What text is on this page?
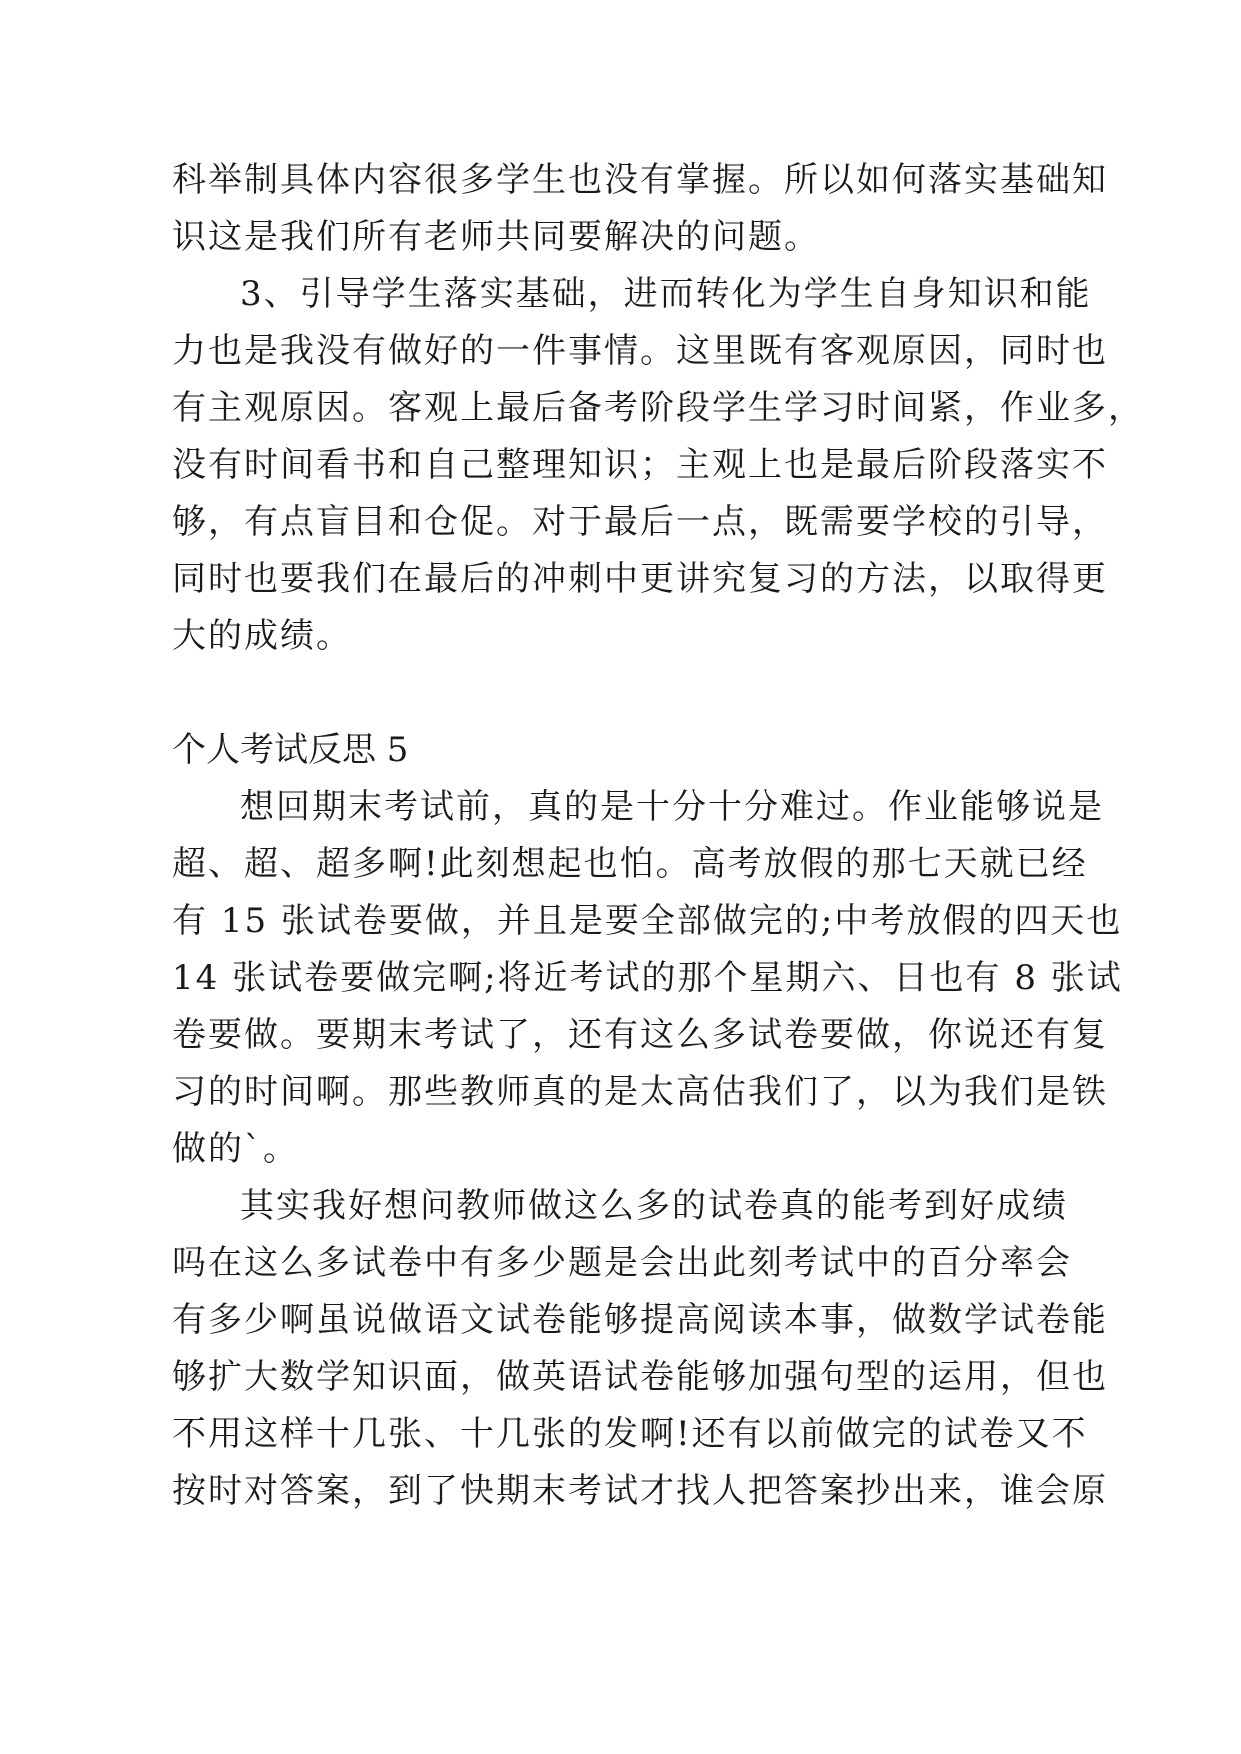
科举制具体内容很多学生也没有掌握。所以如何落实基础知
识这是我们所有老师共同要解决的问题。
3、引导学生落实基础，进而转化为学生自身知识和能
力也是我没有做好的一件事情。这里既有客观原因，同时也
有主观原因。客观上最后备考阶段学生学习时间紧，作业多，
没有时间看书和自己整理知识；主观上也是最后阶段落实不
够，有点盲目和仓促。对于最后一点，既需要学校的引导，
同时也要我们在最后的冲刺中更讲究复习的方法，以取得更
大的成绩。
个人考试反思 5
想回期末考试前，真的是十分十分难过。作业能够说是
超、超、超多啊!此刻想起也怕。高考放假的那七天就已经
有 15 张试卷要做，并且是要全部做完的;中考放假的四天也
14 张试卷要做完啊;将近考试的那个星期六、日也有 8 张试
卷要做。要期末考试了，还有这么多试卷要做，你说还有复
习的时间啊。那些教师真的是太高估我们了，以为我们是铁
做的`。
其实我好想问教师做这么多的试卷真的能考到好成绩
吗在这么多试卷中有多少题是会出此刻考试中的百分率会
有多少啊虽说做语文试卷能够提高阅读本事，做数学试卷能
够扩大数学知识面，做英语试卷能够加强句型的运用，但也
不用这样十几张、十几张的发啊!还有以前做完的试卷又不
按时对答案，到了快期末考试才找人把答案抄出来，谁会原
